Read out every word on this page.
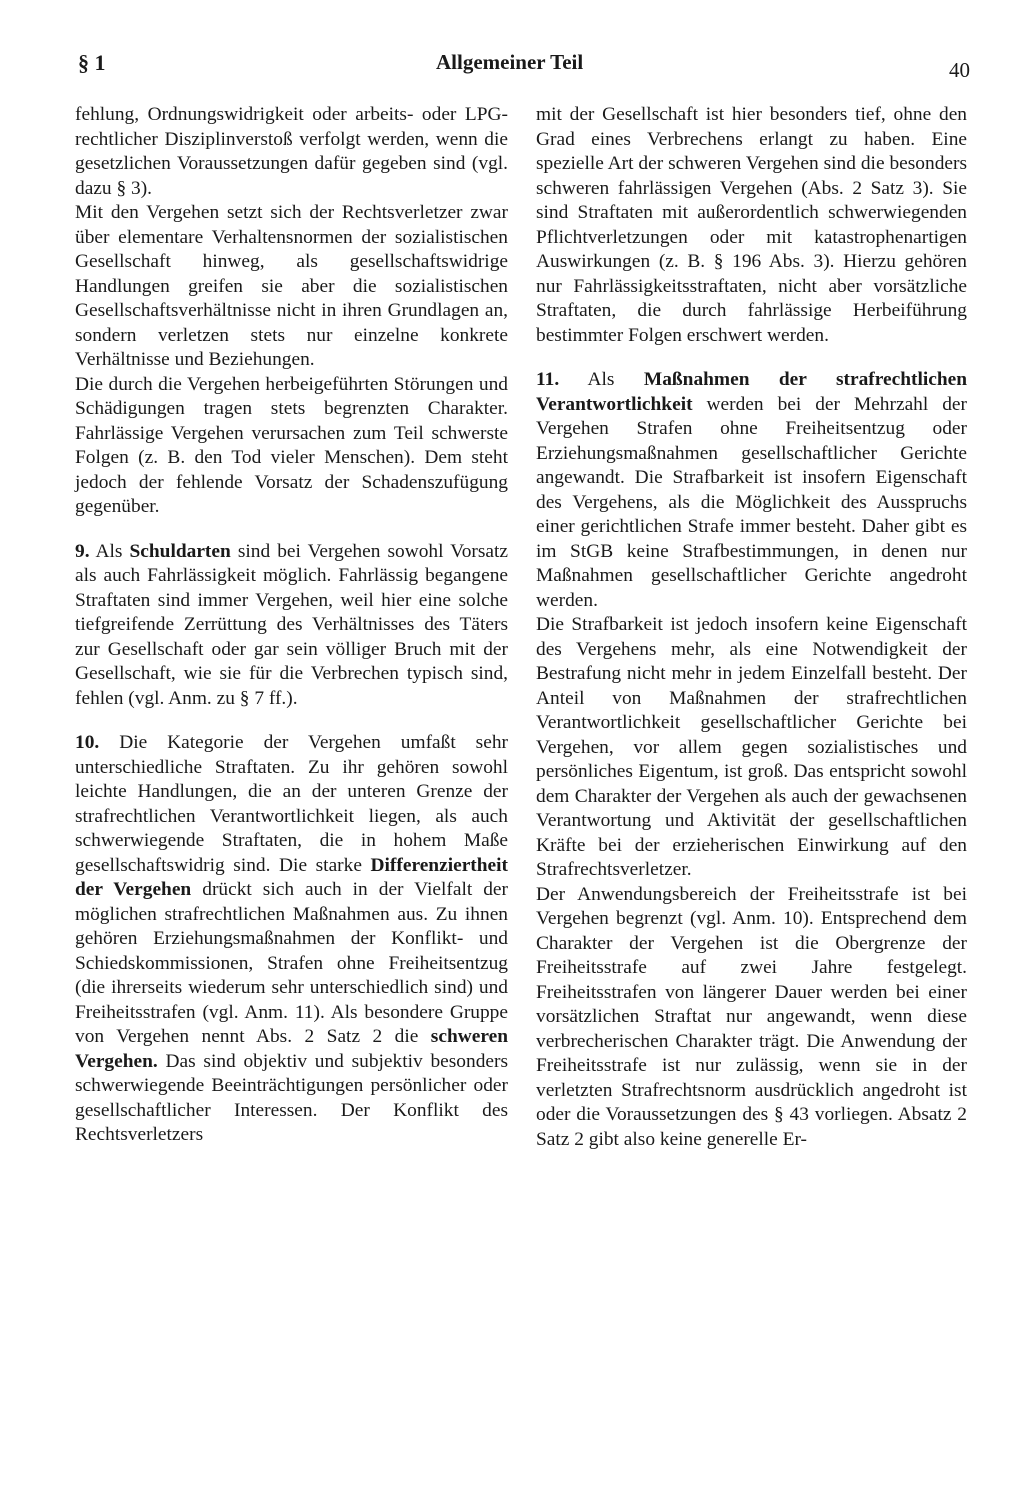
§ 1	Allgemeiner Teil	40

fehlung, Ordnungswidrigkeit oder arbeits- oder LPG-rechtlicher Disziplinverstoß verfolgt werden, wenn die gesetzlichen Voraussetzungen dafür gegeben sind (vgl. dazu § 3).

Mit den Vergehen setzt sich der Rechtsverletzer zwar über elementare Verhaltensnormen der sozialistischen Gesellschaft hinweg, als gesellschaftswidrige Handlungen greifen sie aber die sozialistischen Gesellschaftsverhältnisse nicht in ihren Grundlagen an, sondern verletzen stets nur einzelne konkrete Verhältnisse und Beziehungen.

Die durch die Vergehen herbeigeführten Störungen und Schädigungen tragen stets begrenzten Charakter. Fahrlässige Vergehen verursachen zum Teil schwerste Folgen (z. B. den Tod vieler Menschen). Dem steht jedoch der fehlende Vorsatz der Schadenszufügung gegenüber.

9. Als Schuldarten sind bei Vergehen sowohl Vorsatz als auch Fahrlässigkeit möglich. Fahrlässig begangene Straftaten sind immer Vergehen, weil hier eine solche tiefgreifende Zerrüttung des Verhältnisses des Täters zur Gesellschaft oder gar sein völliger Bruch mit der Gesellschaft, wie sie für die Verbrechen typisch sind, fehlen (vgl. Anm. zu § 7 ff.).

10. Die Kategorie der Vergehen umfaßt sehr unterschiedliche Straftaten. Zu ihr gehören sowohl leichte Handlungen, die an der unteren Grenze der strafrechtlichen Verantwortlichkeit liegen, als auch schwerwiegende Straftaten, die in hohem Maße gesellschaftswidrig sind. Die starke Differenziertheit der Vergehen drückt sich auch in der Vielfalt der möglichen strafrechtlichen Maßnahmen aus. Zu ihnen gehören Erziehungsmaßnahmen der Konflikt- und Schiedskommissionen, Strafen ohne Freiheitsentzug (die ihrerseits wiederum sehr unterschiedlich sind) und Freiheitsstrafen (vgl. Anm. 11). Als besondere Gruppe von Vergehen nennt Abs. 2 Satz 2 die schweren Vergehen. Das sind objektiv und subjektiv besonders schwerwiegende Beeinträchtigungen persönlicher oder gesellschaftlicher Interessen. Der Konflikt des Rechtsverletzers

mit der Gesellschaft ist hier besonders tief, ohne den Grad eines Verbrechens erlangt zu haben. Eine spezielle Art der schweren Vergehen sind die besonders schweren fahrlässigen Vergehen (Abs. 2 Satz 3). Sie sind Straftaten mit außerordentlich schwerwiegenden Pflichtverletzungen oder mit katastrophenartigen Auswirkungen (z. B. § 196 Abs. 3). Hierzu gehören nur Fahrlässigkeitsstraftaten, nicht aber vorsätzliche Straftaten, die durch fahrlässige Herbeiführung bestimmter Folgen erschwert werden.

11. Als Maßnahmen der strafrechtlichen Verantwortlichkeit werden bei der Mehrzahl der Vergehen Strafen ohne Freiheitsentzug oder Erziehungsmaßnahmen gesellschaftlicher Gerichte angewandt. Die Strafbarkeit ist insofern Eigenschaft des Vergehens, als die Möglichkeit des Ausspruchs einer gerichtlichen Strafe immer besteht. Daher gibt es im StGB keine Strafbestimmungen, in denen nur Maßnahmen gesellschaftlicher Gerichte angedroht werden.

Die Strafbarkeit ist jedoch insofern keine Eigenschaft des Vergehens mehr, als eine Notwendigkeit der Bestrafung nicht mehr in jedem Einzelfall besteht. Der Anteil von Maßnahmen der strafrechtlichen Verantwortlichkeit gesellschaftlicher Gerichte bei Vergehen, vor allem gegen sozialistisches und persönliches Eigentum, ist groß. Das entspricht sowohl dem Charakter der Vergehen als auch der gewachsenen Verantwortung und Aktivität der gesellschaftlichen Kräfte bei der erzieherischen Einwirkung auf den Strafrechtsverletzer.

Der Anwendungsbereich der Freiheitsstrafe ist bei Vergehen begrenzt (vgl. Anm. 10). Entsprechend dem Charakter der Vergehen ist die Obergrenze der Freiheitsstrafe auf zwei Jahre festgelegt. Freiheitsstrafen von längerer Dauer werden bei einer vorsätzlichen Straftat nur angewandt, wenn diese verbrecherischen Charakter trägt. Die Anwendung der Freiheitsstrafe ist nur zulässig, wenn sie in der verletzten Strafrechtsnorm ausdrücklich angedroht ist oder die Voraussetzungen des § 43 vorliegen. Absatz 2 Satz 2 gibt also keine generelle Er-
